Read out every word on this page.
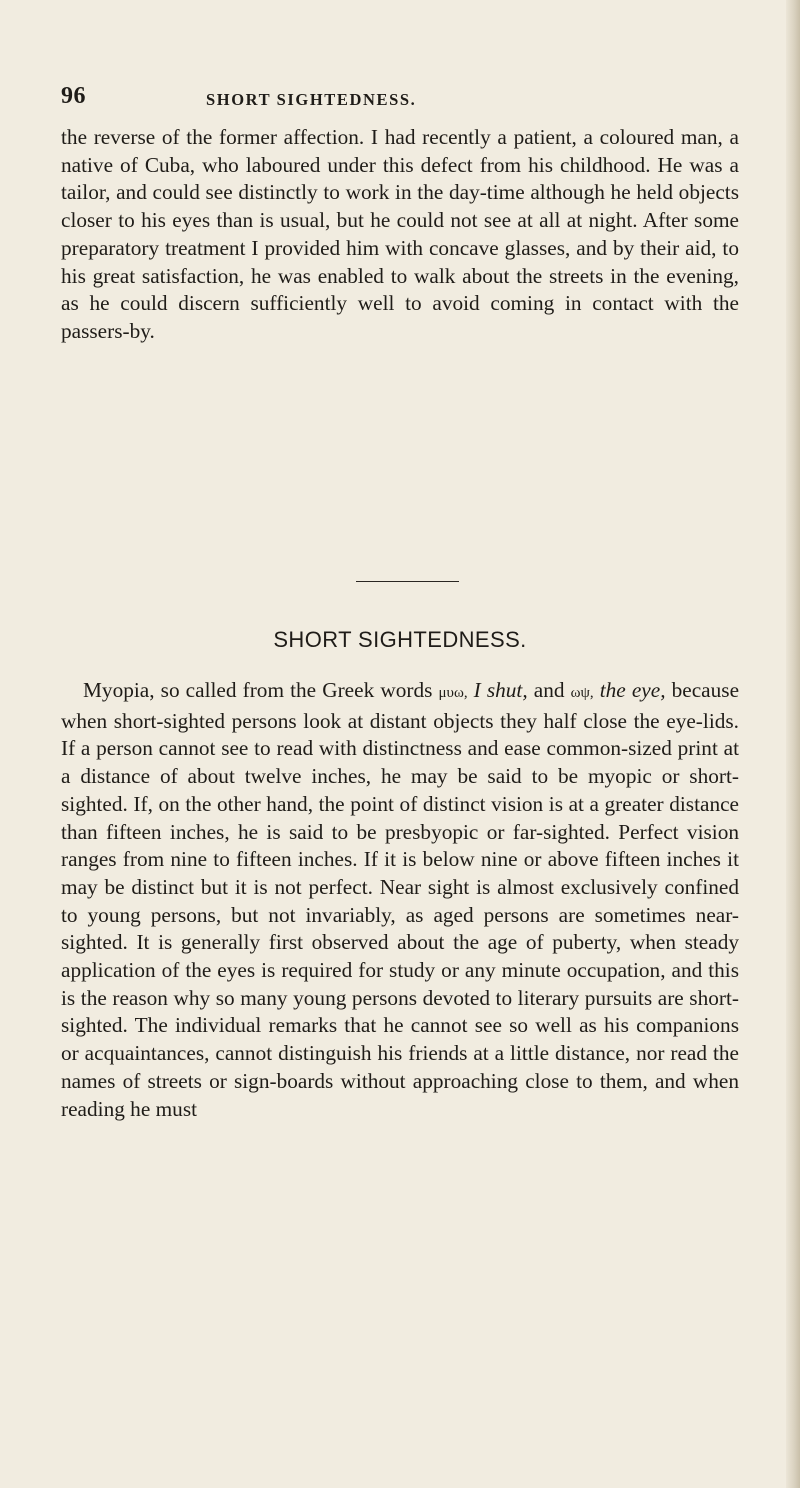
96	SHORT SIGHTEDNESS.

the reverse of the former affection. I had recently a patient, a coloured man, a native of Cuba, who laboured under this defect from his childhood. He was a tailor, and could see distinctly to work in the day-time although he held objects closer to his eyes than is usual, but he could not see at all at night. After some preparatory treatment I provided him with concave glasses, and by their aid, to his great satisfaction, he was enabled to walk about the streets in the evening, as he could discern sufficiently well to avoid coming in contact with the passers-by.

SHORT SIGHTEDNESS.

Myopia, so called from the Greek words μυω, I shut, and ωψ, the eye, because when short-sighted persons look at distant objects they half close the eye-lids. If a person cannot see to read with distinctness and ease common-sized print at a distance of about twelve inches, he may be said to be myopic or short-sighted. If, on the other hand, the point of distinct vision is at a greater distance than fifteen inches, he is said to be presbyopic or far-sighted. Perfect vision ranges from nine to fifteen inches. If it is below nine or above fifteen inches it may be distinct but it is not perfect. Near sight is almost exclusively confined to young persons, but not invariably, as aged persons are sometimes near-sighted. It is generally first observed about the age of puberty, when steady application of the eyes is required for study or any minute occupation, and this is the reason why so many young persons devoted to literary pursuits are short-sighted. The individual remarks that he cannot see so well as his companions or acquaintances, cannot distinguish his friends at a little distance, nor read the names of streets or sign-boards without approaching close to them, and when reading he must
